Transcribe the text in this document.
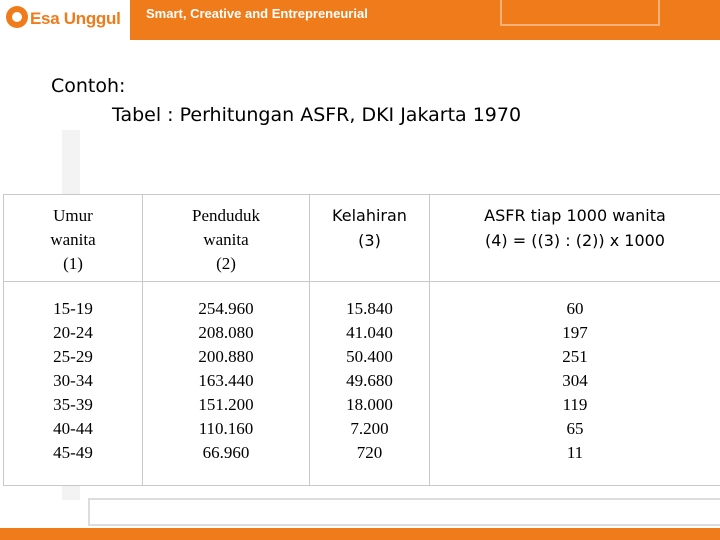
Esa Unggul Smart, Creative and Entrepreneurial
Contoh:
Tabel : Perhitungan ASFR, DKI Jakarta 1970
Umur
wanita
(1)
Penduduk
wanita
(2)
Kelahiran
(3)
ASFR tiap 1000 wanita
(4) = ((3) : (2)) x 1000
15-19
20-24
25-29
30-34
35-39
40-44
45-49
254.960
208.080
200.880
163.440
151.200
110.160
66.960
15.840
41.040
50.400
49.680
18.000
7.200
720
60
197
251
304
119
65
11
